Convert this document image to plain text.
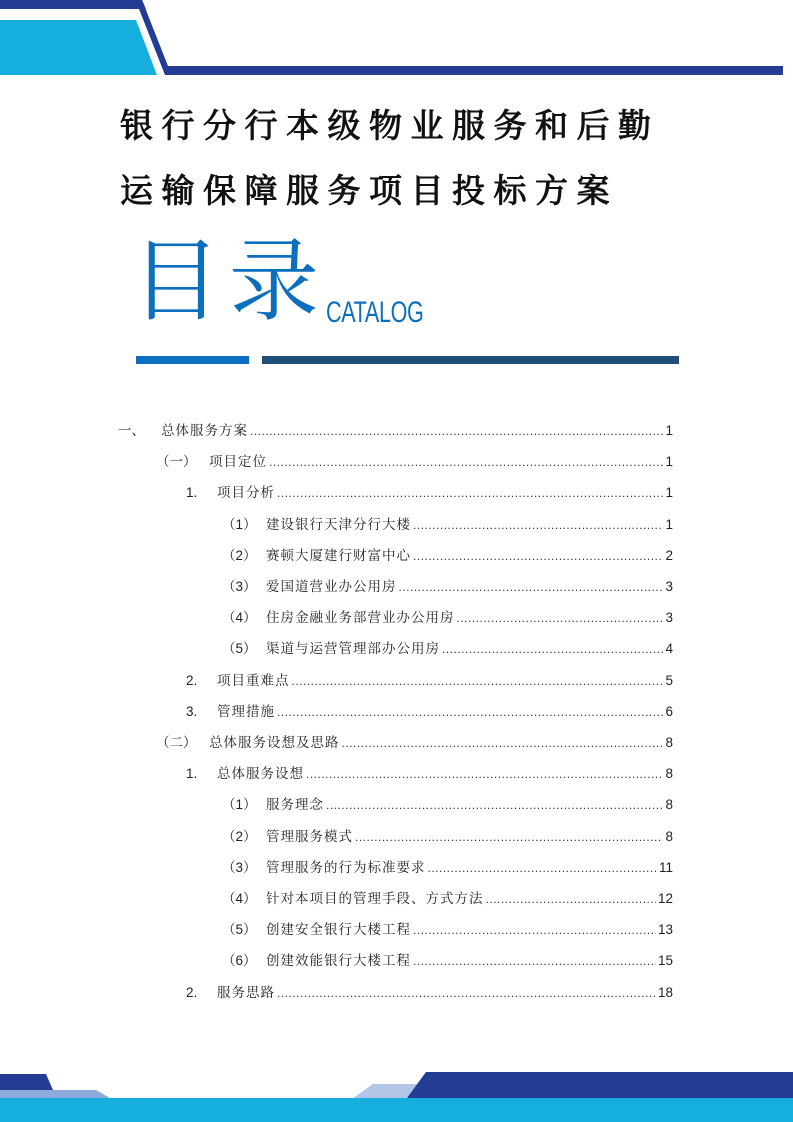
银行分行本级物业服务和后勤
运输保障服务项目投标方案
目录 CATALOG
一、	总体服务方案 .....	1
（一） 项目定位 .....	1
1.	项目分析 .....	1
（1） 建设银行天津分行大楼 .....	1
（2） 赛顿大厦建行财富中心 .....	2
（3） 爱国道营业办公用房 .....	3
（4） 住房金融业务部营业办公用房 .....	3
（5） 渠道与运营管理部办公用房 .....	4
2.	项目重难点 .....	5
3.	管理措施 .....	6
（二） 总体服务设想及思路 .....	8
1.	总体服务设想 .....	8
（1） 服务理念 .....	8
（2） 管理服务模式 .....	8
（3） 管理服务的行为标准要求 .....	11
（4） 针对本项目的管理手段、方式方法 .....	12
（5） 创建安全银行大楼工程 .....	13
（6） 创建效能银行大楼工程 .....	15
2.	服务思路 .....	18
